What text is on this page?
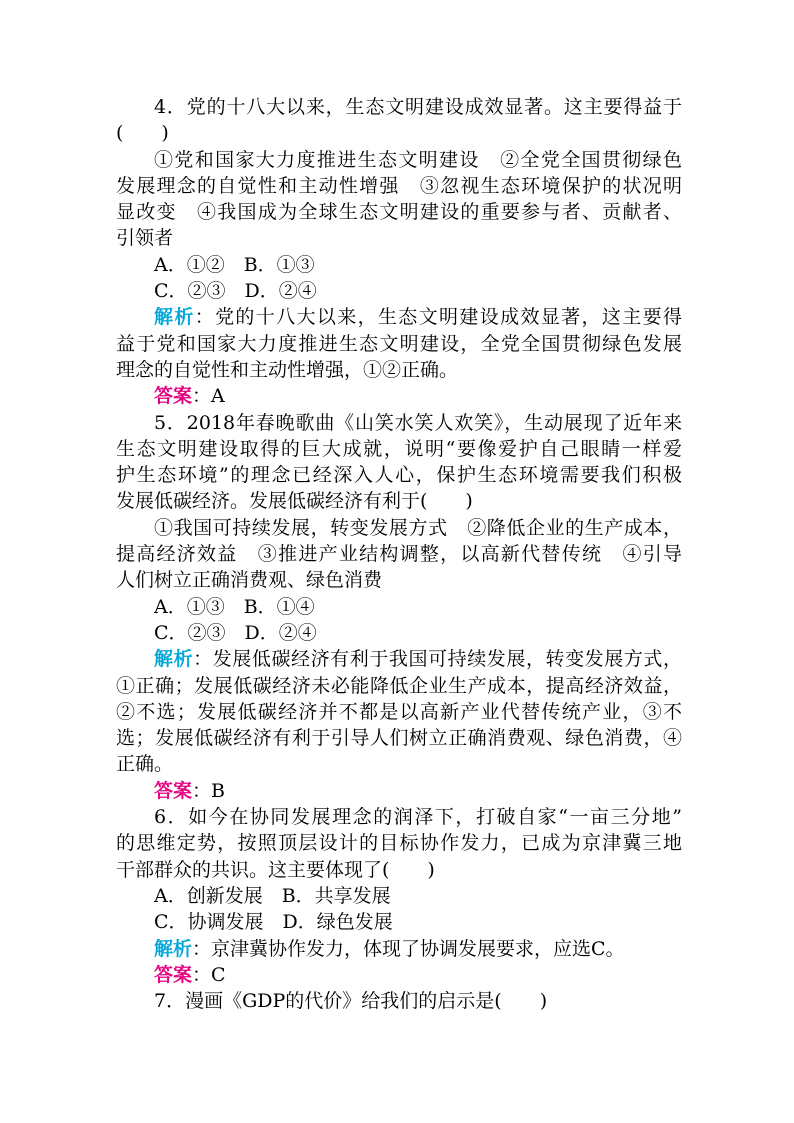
4．党的十八大以来，生态文明建设成效显著。这主要得益于
(　　)
①党和国家大力度推进生态文明建设　②全党全国贯彻绿色
发展理念的自觉性和主动性增强　③忽视生态环境保护的状况明
显改变　④我国成为全球生态文明建设的重要参与者、贡献者、
引领者
A．①②　B．①③
C．②③　D．②④
解析：党的十八大以来，生态文明建设成效显著，这主要得
益于党和国家大力度推进生态文明建设，全党全国贯彻绿色发展
理念的自觉性和主动性增强，①②正确。
答案：A
5．2018年春晚歌曲《山笑水笑人欢笑》，生动展现了近年来
生态文明建设取得的巨大成就，说明“要像爱护自己眼睛一样爱
护生态环境”的理念已经深入人心，保护生态环境需要我们积极
发展低碳经济。发展低碳经济有利于(　　)
①我国可持续发展，转变发展方式　②降低企业的生产成本，
提高经济效益　③推进产业结构调整，以高新代替传统　④引导
人们树立正确消费观、绿色消费
A．①③　B．①④
C．②③　D．②④
解析：发展低碳经济有利于我国可持续发展，转变发展方式，
①正确；发展低碳经济未必能降低企业生产成本，提高经济效益，
②不选；发展低碳经济并不都是以高新产业代替传统产业，③不
选；发展低碳经济有利于引导人们树立正确消费观、绿色消费，④
正确。
答案：B
6．如今在协同发展理念的润泽下，打破自家“一亩三分地”
的思维定势，按照顶层设计的目标协作发力，已成为京津冀三地
干部群众的共识。这主要体现了(　　)
A．创新发展　B．共享发展
C．协调发展　D．绿色发展
解析：京津冀协作发力，体现了协调发展要求，应选C。
答案：C
7．漫画《GDP的代价》给我们的启示是(　　)
